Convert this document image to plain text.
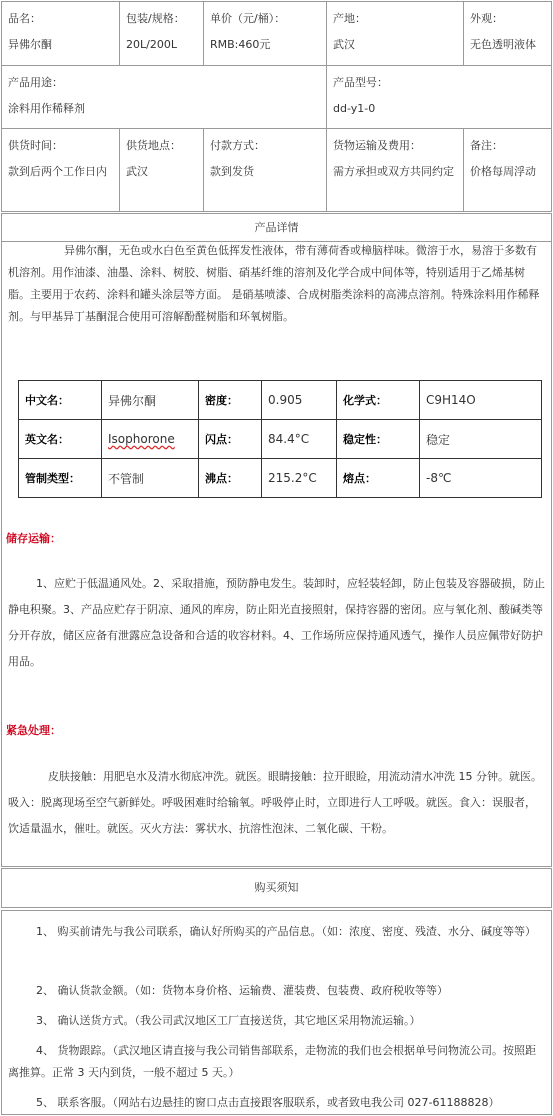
品名：
异佛尔酮
包装/规格：
20L/200L
单价（元/桶）：
RMB:460元
产地：
武汉
外观：
无色透明液体
产品用途：
涂料用作稀释剂
产品型号：
dd-y1-0
供货时间：
款到后两个工作日内
供货地点：
武汉
付款方式：
款到发货
货物运输及费用：
需方承担或双方共同约定
备注：
价格每周浮动
产品详情

异佛尔酮，无色或水白色至黄色低挥发性液体，带有薄荷香或樟脑样味。微溶于水，易溶于多数有机溶剂。用作油漆、油墨、涂料、树胶、树脂、硝基纤维的溶剂及化学合成中间体等，特别适用于乙烯基树脂。主要用于农药、涂料和罐头涂层等方面。 是硝基喷漆、合成树脂类涂料的高沸点溶剂。特殊涂料用作稀释剂。与甲基异丁基酮混合使用可溶解酚醛树脂和环氧树脂。

中文名：	异佛尔酮	密度：	0.905	化学式：	C9H14O
英文名：	Isophorone	闪点：	84.4°C	稳定性：	稳定
管制类型：	不管制	沸点：	215.2°C	熔点：	-8℃
储存运输：

1、应贮于低温通风处。2、采取措施，预防静电发生。装卸时，应轻装轻卸，防止包装及容器破损，防止静电积聚。3、产品应贮存于阴凉、通风的库房，防止阳光直接照射，保持容器的密闭。应与氧化剂、酸碱类等分开存放，储区应备有泄露应急设备和合适的收容材料。4、工作场所应保持通风透气，操作人员应佩带好防护用品。

紧急处理：

皮肤接触：用肥皂水及清水彻底冲洗。就医。眼睛接触：拉开眼睑，用流动清水冲洗 15 分钟。就医。吸入：脱离现场至空气新鲜处。呼吸困难时给输氧。呼吸停止时，立即进行人工呼吸。就医。食入：误服者，饮适量温水，催吐。就医。灭火方法：雾状水、抗溶性泡沫、二氧化碳、干粉。

购买须知

1、 购买前请先与我公司联系，确认好所购买的产品信息。（如：浓度、密度、残渣、水分、碱度等等）

2、 确认货款金额。（如：货物本身价格、运输费、灌装费、包装费、政府税收等等）

3、 确认送货方式。（我公司武汉地区工厂直接送货，其它地区采用物流运输。）

4、 货物跟踪。（武汉地区请直接与我公司销售部联系，走物流的我们也会根据单号问物流公司。按照距离推算。正常 3 天内到货，一般不超过 5 天。）

5、 联系客服。（网站右边悬挂的窗口点击直接跟客服联系，或者致电我公司 027-61188828）
